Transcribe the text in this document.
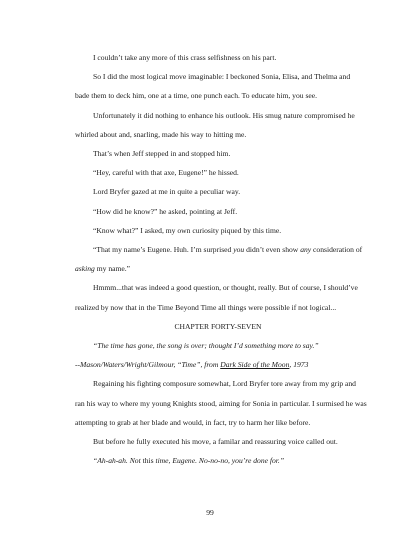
I couldn’t take any more of this crass selfishness on his part.

So I did the most logical move imaginable: I beckoned Sonia, Elisa, and Thelma and

bade them to deck him, one at a time, one punch each. To educate him, you see.

Unfortunately it did nothing to enhance his outlook. His smug nature compromised he

whirled about and, snarling, made his way to hitting me.

That’s when Jeff stepped in and stopped him.

“Hey, careful with that axe, Eugene!” he hissed.

Lord Bryfer gazed at me in quite a peculiar way.

“How did he know?” he asked, pointing at Jeff.

“Know what?” I asked, my own curiosity piqued by this time.

“That my name’s Eugene. Huh. I’m surprised you didn’t even show any consideration of

asking my name.”

Hmmm...that was indeed a good question, or thought, really. But of course, I should’ve

realized by now that in the Time Beyond Time all things were possible if not logical...

CHAPTER FORTY-SEVEN

“The time has gone, the song is over; thought I’d something more to say.”

--Mason/Waters/Wright/Gilmour, “Time”, from Dark Side of the Moon, 1973

Regaining his fighting composure somewhat, Lord Bryfer tore away from my grip and

ran his way to where my young Knights stood, aiming for Sonia in particular. I surmised he was

attempting to grab at her blade and would, in fact, try to harm her like before.

But before he fully executed his move, a familar and reassuring voice called out.

“Ah-ah-ah. Not this time, Eugene. No-no-no, you’re done for.”

99
